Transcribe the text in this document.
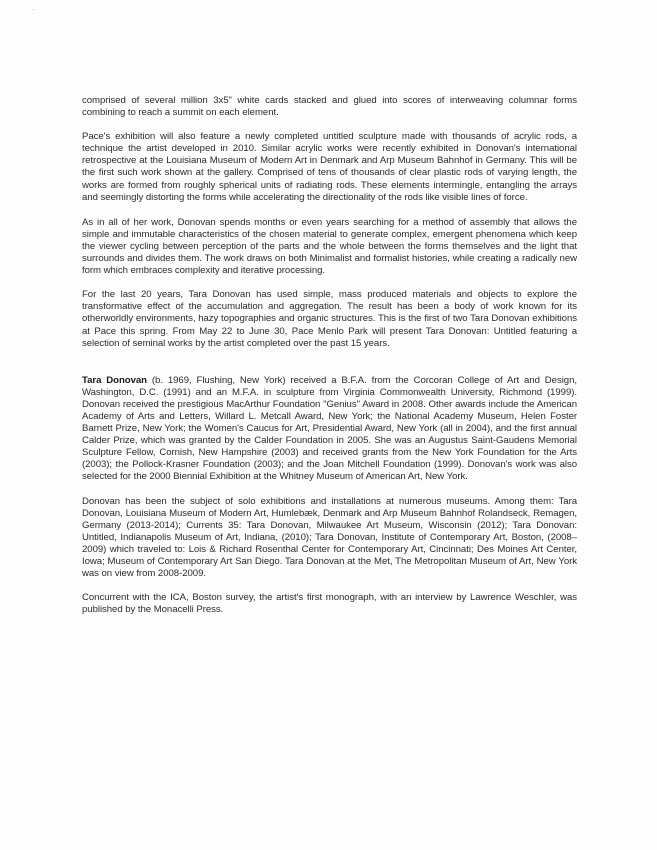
·

comprised of several million 3x5" white cards stacked and glued into scores of interweaving columnar forms combining to reach a summit on each element.

Pace's exhibition will also feature a newly completed untitled sculpture made with thousands of acrylic rods, a technique the artist developed in 2010. Similar acrylic works were recently exhibited in Donovan's international retrospective at the Louisiana Museum of Modern Art in Denmark and Arp Museum Bahnhof in Germany. This will be the first such work shown at the gallery. Comprised of tens of thousands of clear plastic rods of varying length, the works are formed from roughly spherical units of radiating rods. These elements intermingle, entangling the arrays and seemingly distorting the forms while accelerating the directionality of the rods like visible lines of force.

As in all of her work, Donovan spends months or even years searching for a method of assembly that allows the simple and immutable characteristics of the chosen material to generate complex, emergent phenomena which keep the viewer cycling between perception of the parts and the whole between the forms themselves and the light that surrounds and divides them. The work draws on both Minimalist and formalist histories, while creating a radically new form which embraces complexity and iterative processing.

For the last 20 years, Tara Donovan has used simple, mass produced materials and objects to explore the transformative effect of the accumulation and aggregation. The result has been a body of work known for its otherworldly environments, hazy topographies and organic structures. This is the first of two Tara Donovan exhibitions at Pace this spring. From May 22 to June 30, Pace Menlo Park will present Tara Donovan: Untitled featuring a selection of seminal works by the artist completed over the past 15 years.

Tara Donovan (b. 1969, Flushing, New York) received a B.F.A. from the Corcoran College of Art and Design, Washington, D.C. (1991) and an M.F.A. in sculpture from Virginia Commonwealth University, Richmond (1999). Donovan received the prestigious MacArthur Foundation "Genius" Award in 2008. Other awards include the American Academy of Arts and Letters, Willard L. Metcall Award, New York; the National Academy Museum, Helen Foster Barnett Prize, New York; the Women's Caucus for Art, Presidential Award, New York (all in 2004), and the first annual Calder Prize, which was granted by the Calder Foundation in 2005. She was an Augustus Saint-Gaudens Memorial Sculpture Fellow, Cornish, New Hampshire (2003) and received grants from the New York Foundation for the Arts (2003); the Pollock-Krasner Foundation (2003); and the Joan Mitchell Foundation (1999). Donovan's work was also selected for the 2000 Biennial Exhibition at the Whitney Museum of American Art, New York.

Donovan has been the subject of solo exhibitions and installations at numerous museums. Among them: Tara Donovan, Louisiana Museum of Modern Art, Humlebæk, Denmark and Arp Museum Bahnhof Rolandseck, Remagen, Germany (2013-2014); Currents 35: Tara Donovan, Milwaukee Art Museum, Wisconsin (2012); Tara Donovan: Untitled, Indianapolis Museum of Art, Indiana, (2010); Tara Donovan, Institute of Contemporary Art, Boston, (2008–2009) which traveled to: Lois & Richard Rosenthal Center for Contemporary Art, Cincinnati; Des Moines Art Center, Iowa; Museum of Contemporary Art San Diego. Tara Donovan at the Met, The Metropolitan Museum of Art, New York was on view from 2008-2009.

Concurrent with the ICA, Boston survey, the artist's first monograph, with an interview by Lawrence Weschler, was published by the Monacelli Press.
